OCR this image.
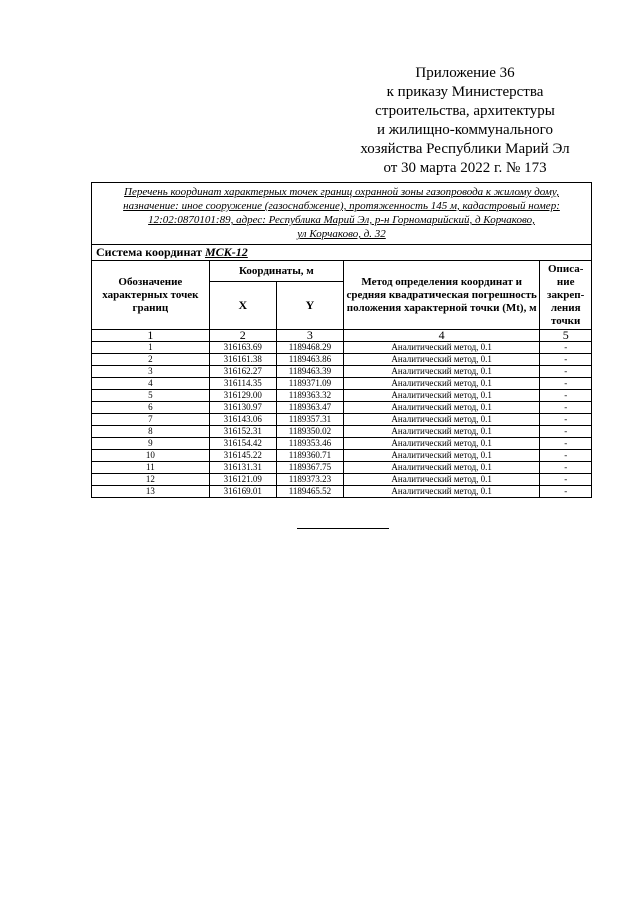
Приложение 36
к приказу Министерства
строительства, архитектуры
и жилищно-коммунального
хозяйства Республики Марий Эл
от 30 марта 2022 г. № 173
Перечень координат характерных точек границ охранной зоны газопровода к жилому дому,
назначение: иное сооружение (газоснабжение), протяженность 145 м, кадастровый номер:
12:02:0870101:89, адрес: Республика Марий Эл, р-н Горномарийский, д Корчаково,
ул Корчаково, д. 32
Система координат МСК-12
Обозначение характерных точек границ	Координаты, м		Метод определения координат и средняя квадратическая погрешность положения характерной точки (Mt), м	Описа-ние закреп-ления точки
	X	Y		
1	2	3	4	5
1	316163.69	1189468.29	Аналитический метод, 0.1	-
2	316161.38	1189463.86	Аналитический метод, 0.1	-
3	316162.27	1189463.39	Аналитический метод, 0.1	-
4	316114.35	1189371.09	Аналитический метод, 0.1	-
5	316129.00	1189363.32	Аналитический метод, 0.1	-
6	316130.97	1189363.47	Аналитический метод, 0.1	-
7	316143.06	1189357.31	Аналитический метод, 0.1	-
8	316152.31	1189350.02	Аналитический метод, 0.1	-
9	316154.42	1189353.46	Аналитический метод, 0.1	-
10	316145.22	1189360.71	Аналитический метод, 0.1	-
11	316131.31	1189367.75	Аналитический метод, 0.1	-
12	316121.09	1189373.23	Аналитический метод, 0.1	-
13	316169.01	1189465.52	Аналитический метод, 0.1	-
